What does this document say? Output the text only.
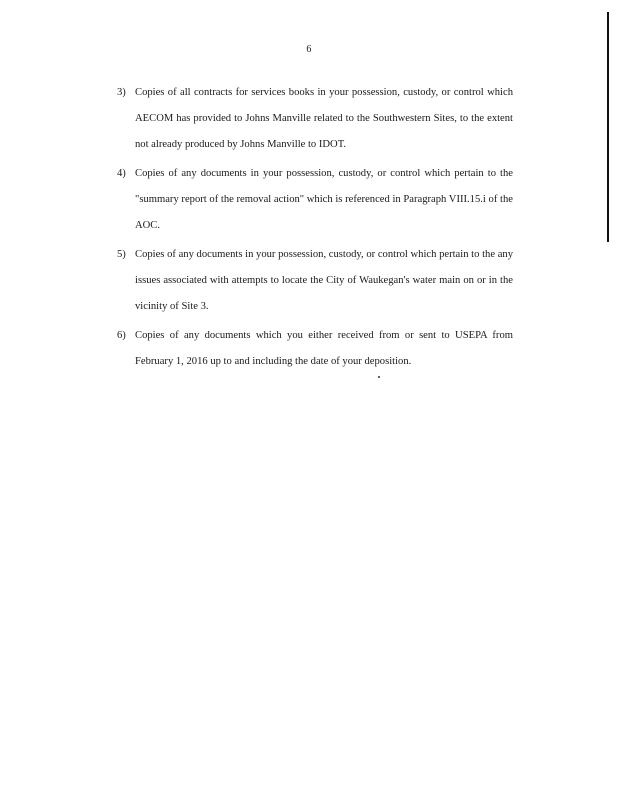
6
3) Copies of all contracts for services books in your possession, custody, or control which AECOM has provided to Johns Manville related to the Southwestern Sites, to the extent not already produced by Johns Manville to IDOT.
4) Copies of any documents in your possession, custody, or control which pertain to the "summary report of the removal action" which is referenced in Paragraph VIII.15.i of the AOC.
5) Copies of any documents in your possession, custody, or control which pertain to the any issues associated with attempts to locate the City of Waukegan's water main on or in the vicinity of Site 3.
6) Copies of any documents which you either received from or sent to USEPA from February 1, 2016 up to and including the date of your deposition.
